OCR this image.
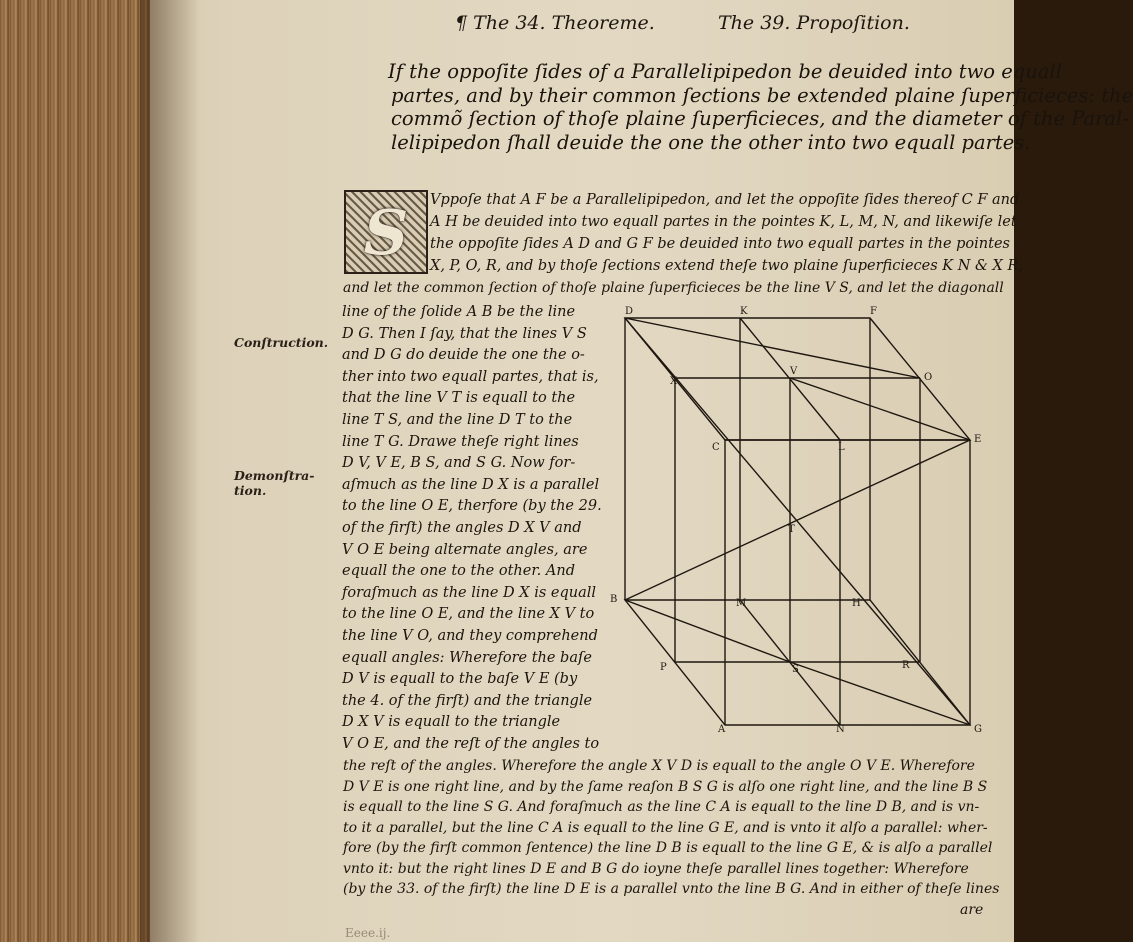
¶ The 34. Theoreme.	The 39. Propoſition.
If the oppoſite ſides of a Parallelipipedon be deuided into two equall
partes, and by their common ſections be extended plaine ſuperficieces: the
commõ ſection of thoſe plaine ſuperficieces, and the diameter of the Paral-
lelipipedon ſhall deuide the one the other into two equall partes.
S Vppoſe that A F be a Parallelipipedon, and let the oppoſite ſides thereof C F and
A H be deuided into two equall partes in the pointes K, L, M, N, and likewiſe let
the oppoſite ſides A D and G F be deuided into two equall partes in the pointes
X, P, O, R, and by thoſe ſections extend theſe two plaine ſuperficieces K N & X R,
and let the common ſection of thoſe plaine ſuperficieces be the line V S, and let the diagonall
line of the ſolide A B be the line
D G. Then I ſay, that the lines V S
and D G do deuide the one the o-
ther into two equall partes, that is,
that the line V T is equall to the
line T S, and the line D T to the
line T G. Drawe theſe right lines
D V, V E, B S, and S G. Now for-
aſmuch as the line D X is a parallel
to the line O E, therfore (by the 29.
of the firſt) the angles D X V and
V O E being alternate angles, are
equall the one to the other. And
foraſmuch as the line D X is equall
to the line O E, and the line X V to
the line V O, and they comprehend
equall angles: Wherefore the baſe
D V is equall to the baſe V E (by
the 4. of the firſt) and the triangle
D X V is equall to the triangle
V O E, and the reſt of the angles to
Conſtruction.
Demonſtra-
tion.
D	K	F
X
V
O
C	L
E
T
B	M	H
P	S	R
A	N	G
Eeee.ij.
the reſt of the angles. Wherefore the angle X V D is equall to the angle O V E. Wherefore
D V E is one right line, and by the ſame reaſon B S G is alſo one right line, and the line B S
is equall to the line S G. And foraſmuch as the line C A is equall to the line D B, and is vn-
to it a parallel, but the line C A is equall to the line G E, and is vnto it alſo a parallel: wher-
fore (by the firſt common ſentence) the line D B is equall to the line G E, & is alſo a parallel
vnto it: but the right lines D E and B G do ioyne theſe parallel lines together: Wherefore
(by the 33. of the firſt) the line D E is a parallel vnto the line B G. And in either of theſe lines
are
